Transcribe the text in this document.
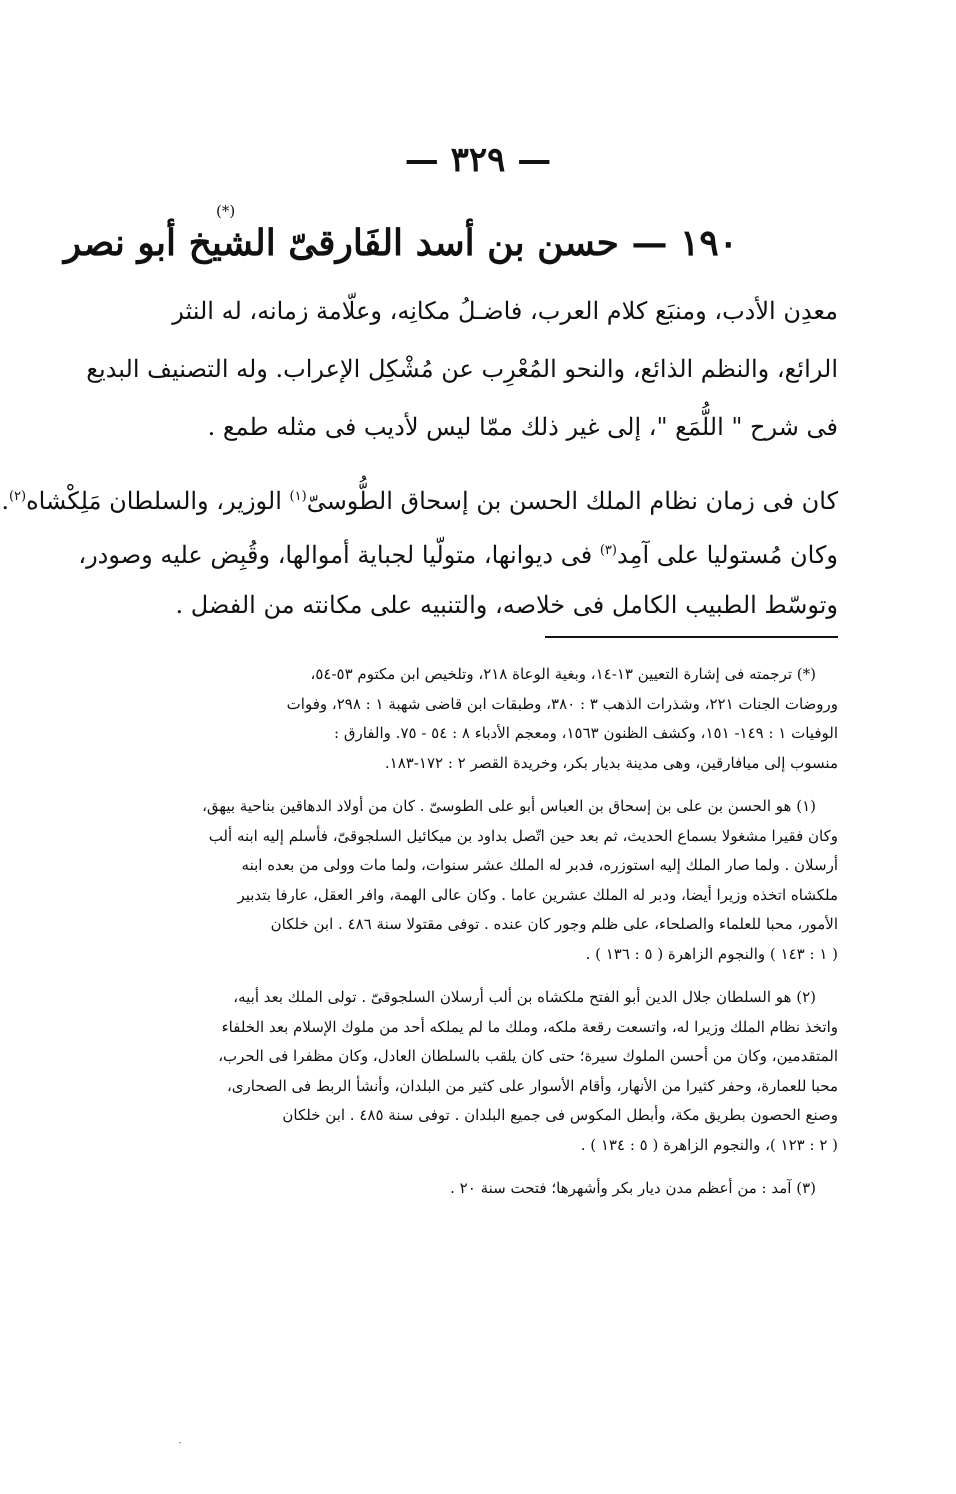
— ٣٢٩ —
١٩٠ — حسن بن أسد الفَارقىّ الشيخ أبو نصر
(*)
معدِن الأدب، ومنبَع كلام العرب، فاضـلُ مكانِه، وعلّامة زمانه، له النثر
الرائع، والنظم الذائع، والنحو المُعْرِب عن مُشْكِل الإعراب. وله التصنيف البديع
فى شرح " اللُّمَع "، إلى غير ذلك ممّا ليس لأديب فى مثله طمع .
كان فى زمان نظام الملك الحسن بن إسحاق الطُّوسىّ$^{(١)}$ الوزير، والسلطان مَلِكْشاه$^{(٢)}$.
وكان مُستوليا على آمِد$^{(٣)}$ فى ديوانها، متولّيا لجباية أموالها، وقُبِض عليه وصودر،
وتوسّط الطبيب الكامل فى خلاصه، والتنبيه على مكانته من الفضل .
(*) ترجمته فى إشارة التعيين ١٣-١٤، وبغية الوعاة ٢١٨، وتلخيص ابن مكتوم ٥٣-٥٤،
وروضات الجنات ٢٢١، وشذرات الذهب ٣ : ٣٨٠، وطبقات ابن قاضى شهبة ١ : ٢٩٨، وفوات
الوفيات ١ : ١٤٩- ١٥١، وكشف الظنون ١٥٦٣، ومعجم الأدباء ٨ : ٥٤ - ٧٥. والفارق :
منسوب إلى ميافارقين، وهى مدينة بديار بكر، وخريدة القصر ٢ : ١٧٢-١٨٣.
(١) هو الحسن بن على بن إسحاق بن العباس أبو على الطوسىّ . كان من أولاد الدهاقين بناحية بيهق،
وكان فقيرا مشغولا بسماع الحديث، ثم بعد حين اتّصل بداود بن ميكائيل السلجوقىّ، فأسلم إليه ابنه ألب
أرسلان . ولما صار الملك إليه استوزره، فدبر له الملك عشر سنوات، ولما مات وولى من بعده ابنه
ملكشاه اتخذه وزيرا أيضا، ودبر له الملك عشرين عاما . وكان عالى الهمة، وافر العقل، عارفا بتدبير
الأمور، محبا للعلماء والصلحاء، على ظلم وجور كان عنده . توفى مقتولا سنة ٤٨٦ . ابن خلكان
( ١ : ١٤٣ ) والنجوم الزاهرة ( ٥ : ١٣٦ ) .
(٢) هو السلطان جلال الدين أبو الفتح ملكشاه بن ألب أرسلان السلجوقىّ . تولى الملك بعد أبيه،
واتخذ نظام الملك وزيرا له، واتسعت رقعة ملكه، وملك ما لم يملكه أحد من ملوك الإسلام بعد الخلفاء
المتقدمين، وكان من أحسن الملوك سيرة؛ حتى كان يلقب بالسلطان العادل، وكان مظفرا فى الحرب،
محبا للعمارة، وحفر كثيرا من الأنهار، وأقام الأسوار على كثير من البلدان، وأنشأ الربط فى الصحارى،
وصنع الحصون بطريق مكة، وأبطل المكوس فى جميع البلدان . توفى سنة ٤٨٥ . ابن خلكان
( ٢ : ١٢٣ )، والنجوم الزاهرة ( ٥ : ١٣٤ ) .
(٣) آمد : من أعظم مدن ديار بكر وأشهرها؛ فتحت سنة ٢٠ .
·
